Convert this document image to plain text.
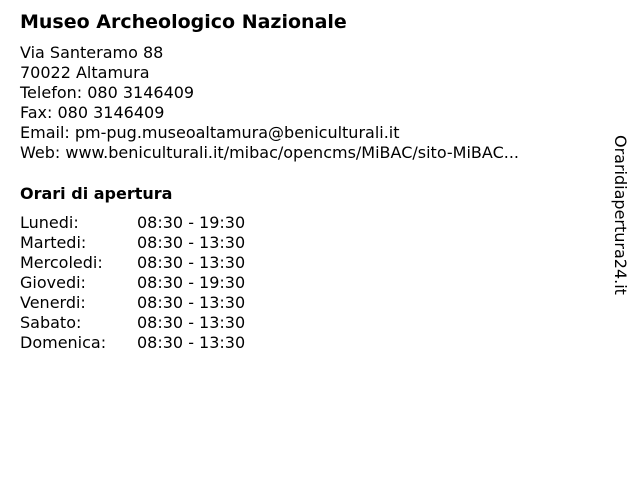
Museo Archeologico Nazionale
Via Santeramo 88
70022 Altamura
Telefon: 080 3146409
Fax: 080 3146409
Email: pm-pug.museoaltamura@beniculturali.it
Web: www.beniculturali.it/mibac/opencms/MiBAC/sito-MiBAC...
Orari di apertura
Lunedi:	08:30 - 19:30
Martedi:	08:30 - 13:30
Mercoledi:	08:30 - 13:30
Giovedi:	08:30 - 19:30
Venerdi:	08:30 - 13:30
Sabato:	08:30 - 13:30
Domenica:	08:30 - 13:30
Oraridiapertura24.it
